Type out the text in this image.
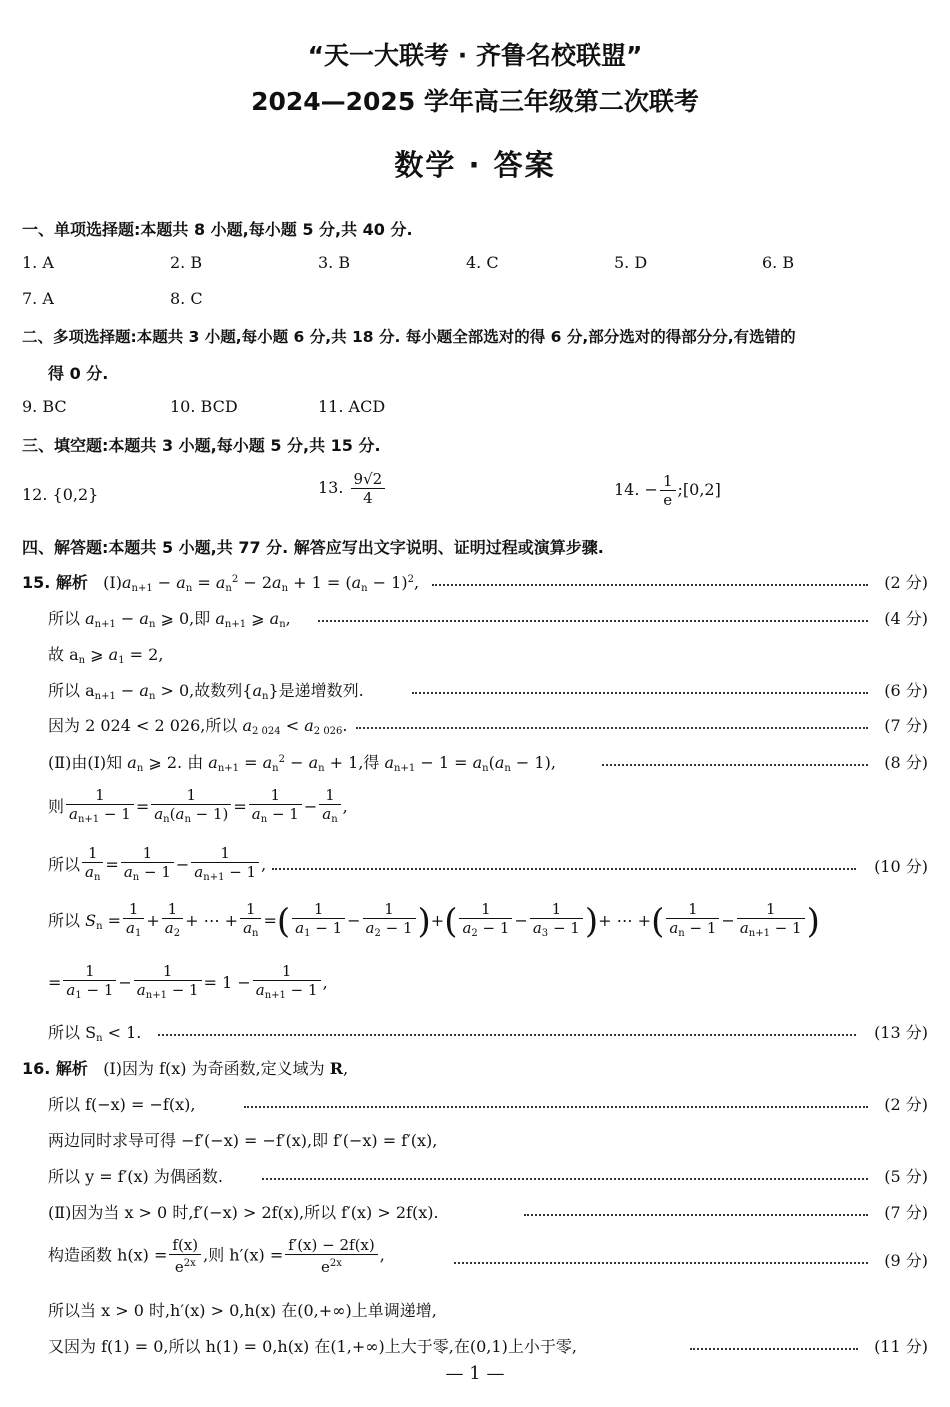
“天一大联考 · 齐鲁名校联盟”
2024—2025 学年高三年级第二次联考
数学 · 答案
一、单项选择题:本题共 8 小题,每小题 5 分,共 40 分.
1. A	2. B	3. B	4. C	5. D	6. B
7. A	8. C
二、多项选择题:本题共 3 小题,每小题 6 分,共 18 分. 每小题全部选对的得 6 分,部分选对的得部分分,有选错的
得 0 分.
9. BC	10. BCD	11. ACD
三、填空题:本题共 3 小题,每小题 5 分,共 15 分.
12. {0,2}	13. $\frac{9√2}{4}$	14. − $\frac{1}{e}$ ;[0,2]
四、解答题:本题共 5 小题,共 77 分. 解答应写出文字说明、证明过程或演算步骤.
15. 解析   $(Ⅰ)a_{n+1} - a_n = a_n^2 - 2a_n + 1 = (a_n - 1)^2$,	(2 分)
所以 $a_{n+1} - a_n$ ⩾ 0,即 $a_{n+1}$ ⩾ $a_n$,	(4 分)
故 $a_n$ ⩾ $a_1 = 2$,
所以 $a_{n+1} - a_n > 0$,故数列$\{a_n\}$是递增数列.	(6 分)
因为 2 024 < 2 026,所以 $a_{2 024} < a_{2 026}$.	(7 分)
(Ⅱ)由(Ⅰ)知 $a_n$ ⩾ 2. 由 $a_{n+1} = a_n^2 - a_n + 1$,得 $a_{n+1} - 1 = a_n(a_n - 1)$,	(8 分)
则 $\frac{1}{a_{n+1} - 1} = \frac{1}{a_n(a_n - 1)} = \frac{1}{a_n - 1} - \frac{1}{a_n}$ ,
所以 $\frac{1}{a_n} = \frac{1}{a_n - 1} - \frac{1}{a_{n+1} - 1}$ ,	(10 分)
所以 $S_n = \frac{1}{a_1} + \frac{1}{a_2}$ + ⋯ + $\frac{1}{a_n}$ =( $\frac{1}{a_1 - 1} - \frac{1}{a_2 - 1}$ )+( $\frac{1}{a_2 - 1} - \frac{1}{a_3 - 1}$ )+ ⋯ +( $\frac{1}{a_n - 1} - \frac{1}{a_{n+1} - 1}$ )
= $\frac{1}{a_1 - 1} - \frac{1}{a_{n+1} - 1} = 1 - \frac{1}{a_{n+1} - 1}$ ,
所以 $S_n < 1$.	(13 分)
16. 解析 (Ⅰ)因为 f(x) 为奇函数,定义域为 R,
所以 f(−x) = −f(x),	(2 分)
两边同时求导可得 −f′(−x) = −f′(x),即 f′(−x) = f′(x),
所以 y = f′(x) 为偶函数.	(5 分)
(Ⅱ)因为当 x > 0 时,f′(−x) > 2f(x),所以 f′(x) > 2f(x).	(7 分)
构造函数 $h(x) = \frac{f(x)}{e^{2x}}$ ,则 $h'(x) = \frac{f'(x) - 2f(x)}{e^{2x}}$ ,	(9 分)
所以当 x > 0 时,h′(x) > 0,h(x) 在(0,+∞)上单调递增,
又因为 f(1) = 0,所以 h(1) = 0,h(x) 在(1,+∞)上大于零,在(0,1)上小于零,	(11 分)
— 1 —
